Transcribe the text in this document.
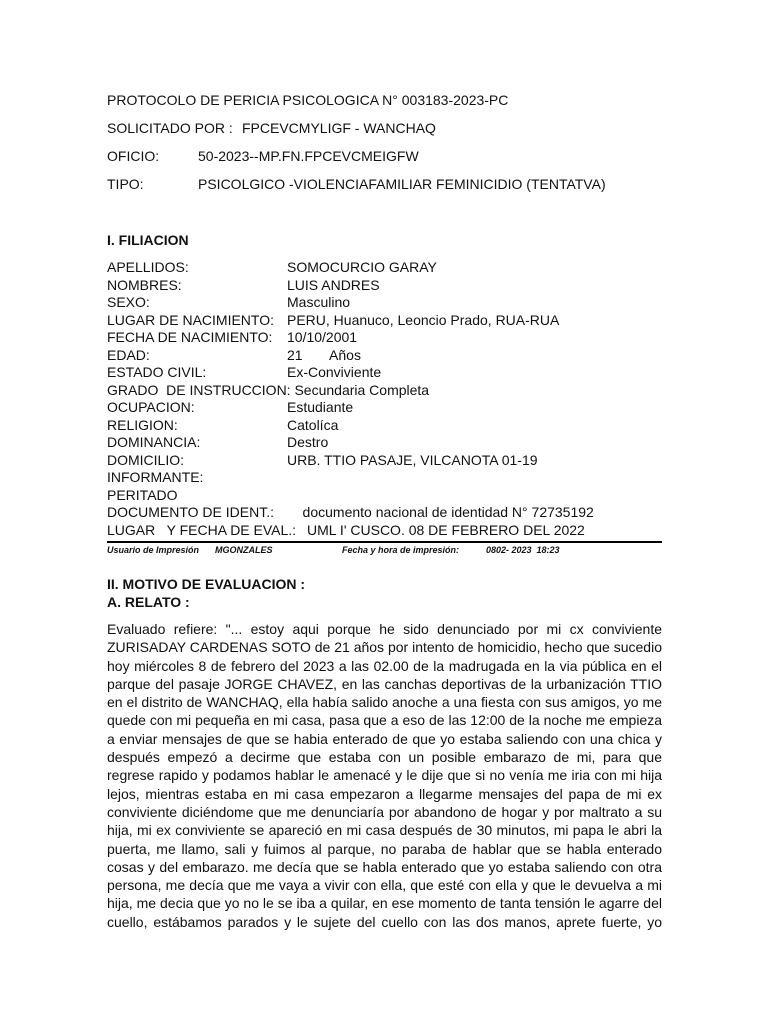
PROTOCOLO DE PERICIA PSICOLOGICA N° 003183-2023-PC
SOLICITADO POR : FPCEVCMYLIGF - WANCHAQ
OFICIO:	50-2023--MP.FN.FPCEVCMEIGFW
TIPO:	PSICOLGICO -VIOLENCIAFAMILIAR FEMINICIDIO (TENTATVA)
I. FILIACION
APELLIDOS:	SOMOCURCIO GARAY
NOMBRES:	LUIS ANDRES
SEXO:	Masculino
LUGAR DE NACIMIENTO: PERU, Huanuco, Leoncio Prado, RUA-RUA
FECHA DE NACIMIENTO: 10/10/2001
EDAD:	21       Años
ESTADO CIVIL:	Ex-Conviviente
GRADO  DE INSTRUCCION: Secundaria Completa
OCUPACION:	Estudiante
RELIGION:	Catolíca
DOMINANCIA:	Destro
DOMICILIO:	URB. TTIO PASAJE, VILCANOTA 01-19
INFORMANTE:
PERITADO
DOCUMENTO DE IDENT.: documento nacional de identidad N° 72735192
LUGAR   Y FECHA DE EVAL.: UML I' CUSCO. 08 DE FEBRERO DEL 2022
Usuario de Impresión MGONZALES	Fecha y hora de impresión:	0802- 2023  18:23
II. MOTIVO DE EVALUACION :
A. RELATO :
Evaluado refiere: "... estoy aqui porque he sido denunciado por mi cx conviviente
ZURISADAY CARDENAS SOTO de 21 años por intento de homicidio, hecho que sucedio
hoy miércoles 8 de febrero del 2023 a las 02.00 de la madrugada en la via pública en el
parque del pasaje JORGE CHAVEZ, en las canchas deportivas de la urbanización TTIO
en el distrito de WANCHAQ, ella había salido anoche a una fiesta con sus amigos, yo me
quede con mi pequeña en mi casa, pasa que a eso de las 12:00 de la noche me empieza
a enviar mensajes de que se habia enterado de que yo estaba saliendo con una chica y
después empezó a decirme que estaba con un posible embarazo de mi, para que
regrese rapido y podamos hablar le amenacé y le dije que si no venía me iria con mi hija
lejos, mientras estaba en mi casa empezaron a llegarme mensajes del papa de mi ex
conviviente diciéndome que me denunciaría por abandono de hogar y por maltrato a su
hija, mi ex conviviente se apareció en mi casa después de 30 minutos, mi papa le abri la
puerta, me llamo, sali y fuimos al parque, no paraba de hablar que se habla enterado
cosas y del embarazo. me decía que se habla enterado que yo estaba saliendo con otra
persona, me decía que me vaya a vivir con ella, que esté con ella y que le devuelva a mi
hija, me decia que yo no le se iba a quilar, en ese momento de tanta tensión le agarre del
cuello, estábamos parados y le sujete del cuello con las dos manos, aprete fuerte, yo
